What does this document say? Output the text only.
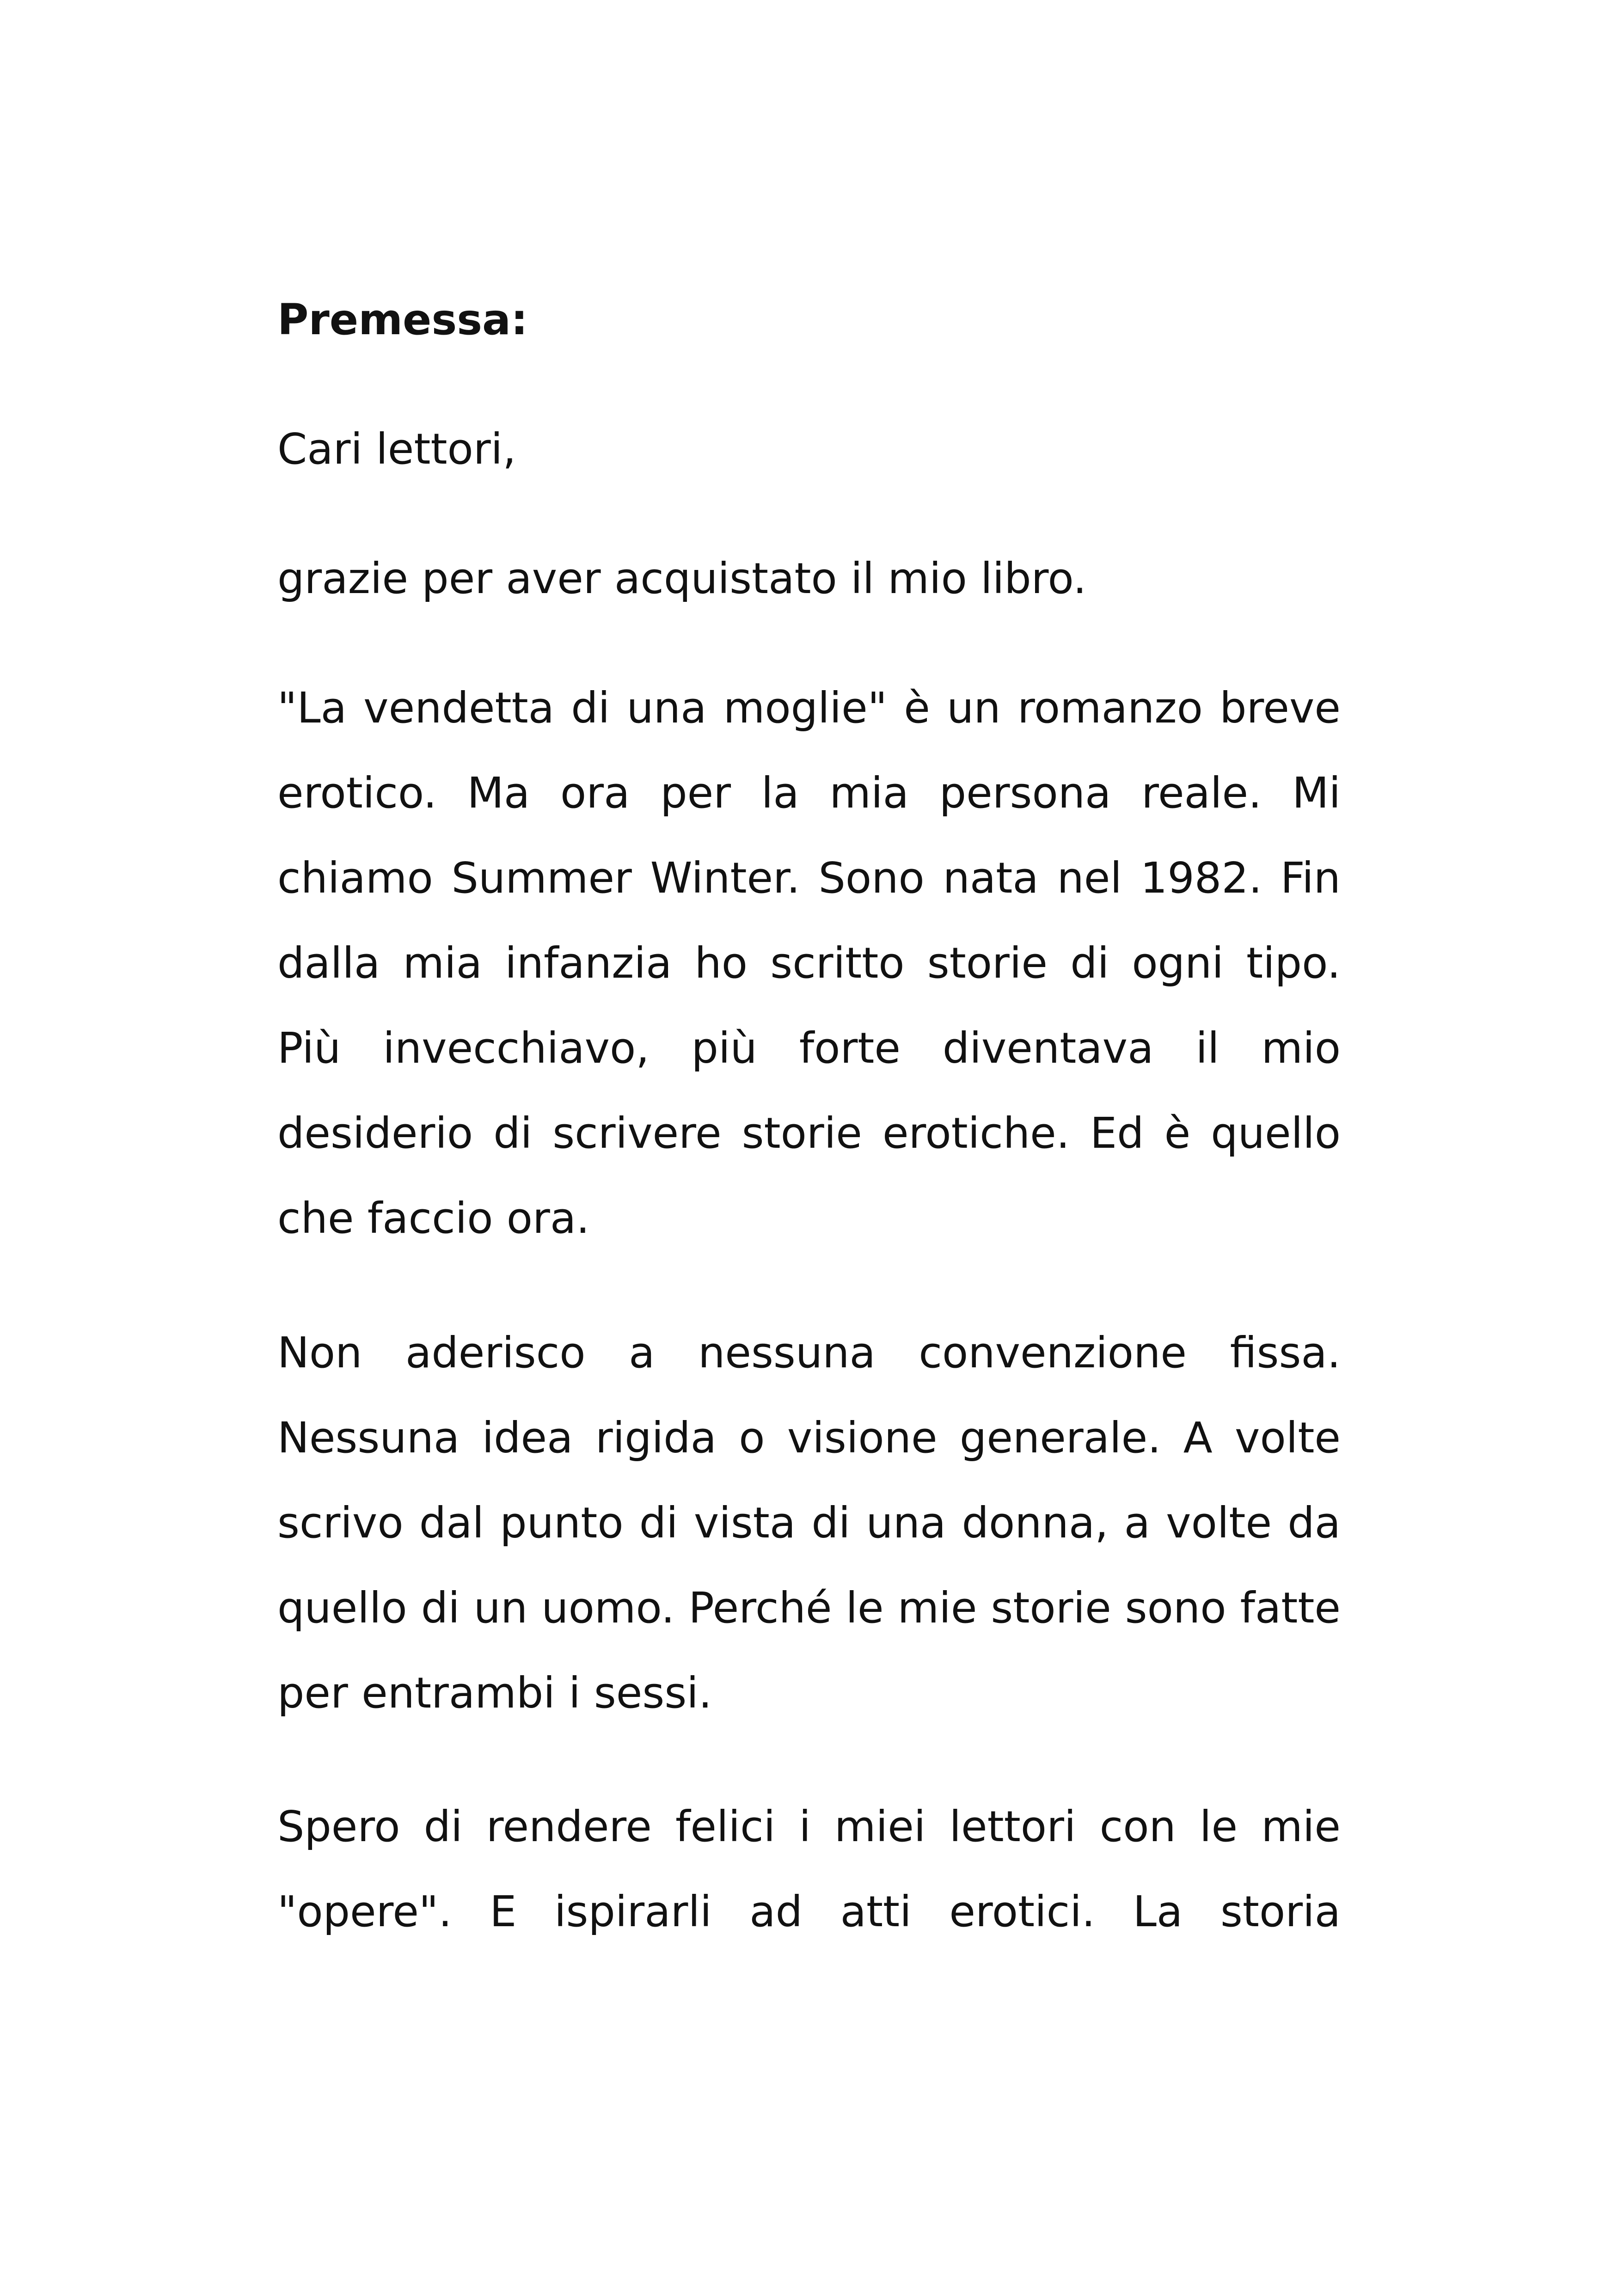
Premessa:

Cari lettori,

grazie per aver acquistato il mio libro.

"La vendetta di una moglie" è un romanzo breve erotico. Ma ora per la mia persona reale. Mi chiamo Summer Winter. Sono nata nel 1982. Fin dalla mia infanzia ho scritto storie di ogni tipo. Più invecchiavo, più forte diventava il mio desiderio di scrivere storie erotiche. Ed è quello che faccio ora.

Non aderisco a nessuna convenzione fissa. Nessuna idea rigida o visione generale. A volte scrivo dal punto di vista di una donna, a volte da quello di un uomo. Perché le mie storie sono fatte per entrambi i sessi.

Spero di rendere felici i miei lettori con le mie "opere". E ispirarli ad atti erotici. La storia
